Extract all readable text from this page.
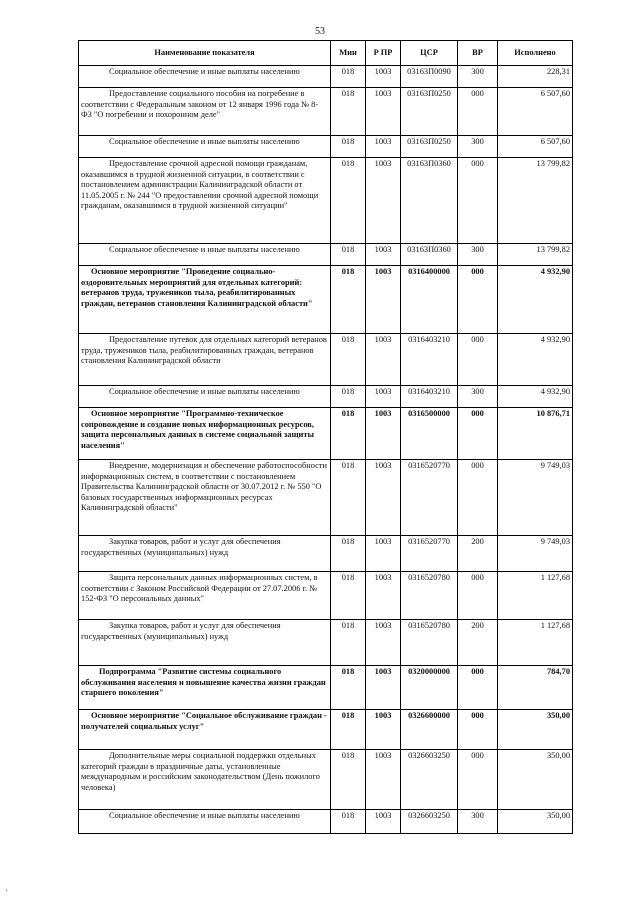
53
Наименование показателя	Мин	Р ПР	ЦСР	ВР	Исполнено
Социальное обеспечение и иные выплаты населению	018	1003	03163П0090	300	228,31
Предоставление социального пособия на погребение в соответствии с Федеральным законом от 12 января 1996 года № 8-ФЗ "О погребении и похоронном деле"	018	1003	03163П0250	000	6 507,60
Социальное обеспечение и иные выплаты населению	018	1003	03163П0250	300	6 507,60
Предоставление срочной адресной помощи гражданам, оказавшимся в трудной жизненной ситуации, в соответствии с постановлением администрации Калининградской области от 11.05.2005 г. № 244 "О предоставлении срочной адресной помощи гражданам, оказавшимся в трудной жизненной ситуации"	018	1003	03163П0360	000	13 799,82
Социальное обеспечение и иные выплаты населению	018	1003	03163П0360	300	13 799,82
Основное мероприятие "Проведение социально-оздоровительных мероприятий для отдельных категорий: ветеранов труда, тружеников тыла, реабилитированных граждан, ветеранов становления Калининградской области"	018	1003	0316400000	000	4 932,90
Предоставление путевок для отдельных категорий ветеранов труда, тружеников тыла, реабилитированных граждан, ветеранов становления Калининградской области	018	1003	0316403210	000	4 932,90
Социальное обеспечение и иные выплаты населению	018	1003	0316403210	300	4 932,90
Основное мероприятие "Программно-техническое сопровождение и создание новых информационных ресурсов, защита персональных данных в системе социальной защиты населения"	018	1003	0316500000	000	10 876,71
Внедрение, модернизация и обеспечение работоспособности информационных систем, в соответствии с постановлением Правительства Калининградской области от 30.07.2012 г. № 550 "О базовых государственных информационных ресурсах Калининградской области"	018	1003	0316520770	000	9 749,03
Закупка товаров, работ и услуг для обеспечения государственных (муниципальных) нужд	018	1003	0316520770	200	9 749,03
Защита персональных данных информационных систем, в соответствии с Законом Российской Федерации от 27.07.2006 г. № 152-ФЗ "О персональных данных"	018	1003	0316520780	000	1 127,68
Закупка товаров, работ и услуг для обеспечения государственных (муниципальных) нужд	018	1003	0316520780	200	1 127,68
Подпрограмма "Развитие системы социального обслуживания населения и повышение качества жизни граждан старшего поколения"	018	1003	0320000000	000	784,70
Основное мероприятие "Социальное обслуживание граждан - получателей социальных услуг"	018	1003	0326600000	000	350,00
Дополнительные меры социальной поддержки отдельных категорий граждан в праздничные даты, установленные международным и российским законодательством (День пожилого человека)	018	1003	0326603250	000	350,00
Социальное обеспечение и иные выплаты населению	018	1003	0326603250	300	350,00
'
